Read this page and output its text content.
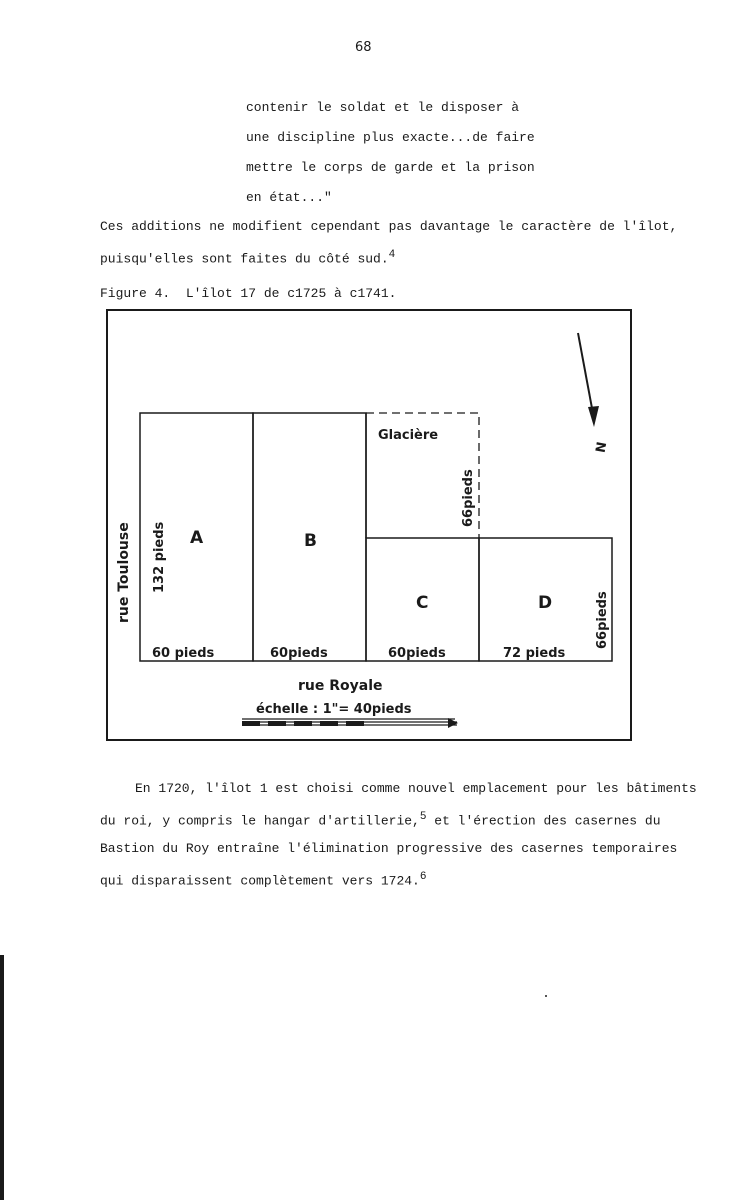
68
contenir le soldat et le disposer à
une discipline plus exacte...de faire
mettre le corps de garde et la prison
en état..."
Ces additions ne modifient cependant pas davantage le caractère de l'îlot,
puisqu'elles sont faites du côté sud.$^4$
Figure 4. L'îlot 17 de c1725 à c1741.
N
rue Toulouse
rue Royale
A	B
C	D
Glacière
132 pieds
66pieds
66pieds
60 pieds	60pieds	60pieds	72 pieds
échelle : 1"= 40pieds
En 1720, l'îlot 1 est choisi comme nouvel emplacement pour les bâtiments
du roi, y compris le hangar d'artillerie,$^5$ et l'érection des casernes du
Bastion du Roy entraîne l'élimination progressive des casernes temporaires
qui disparaissent complètement vers 1724.$^6$
